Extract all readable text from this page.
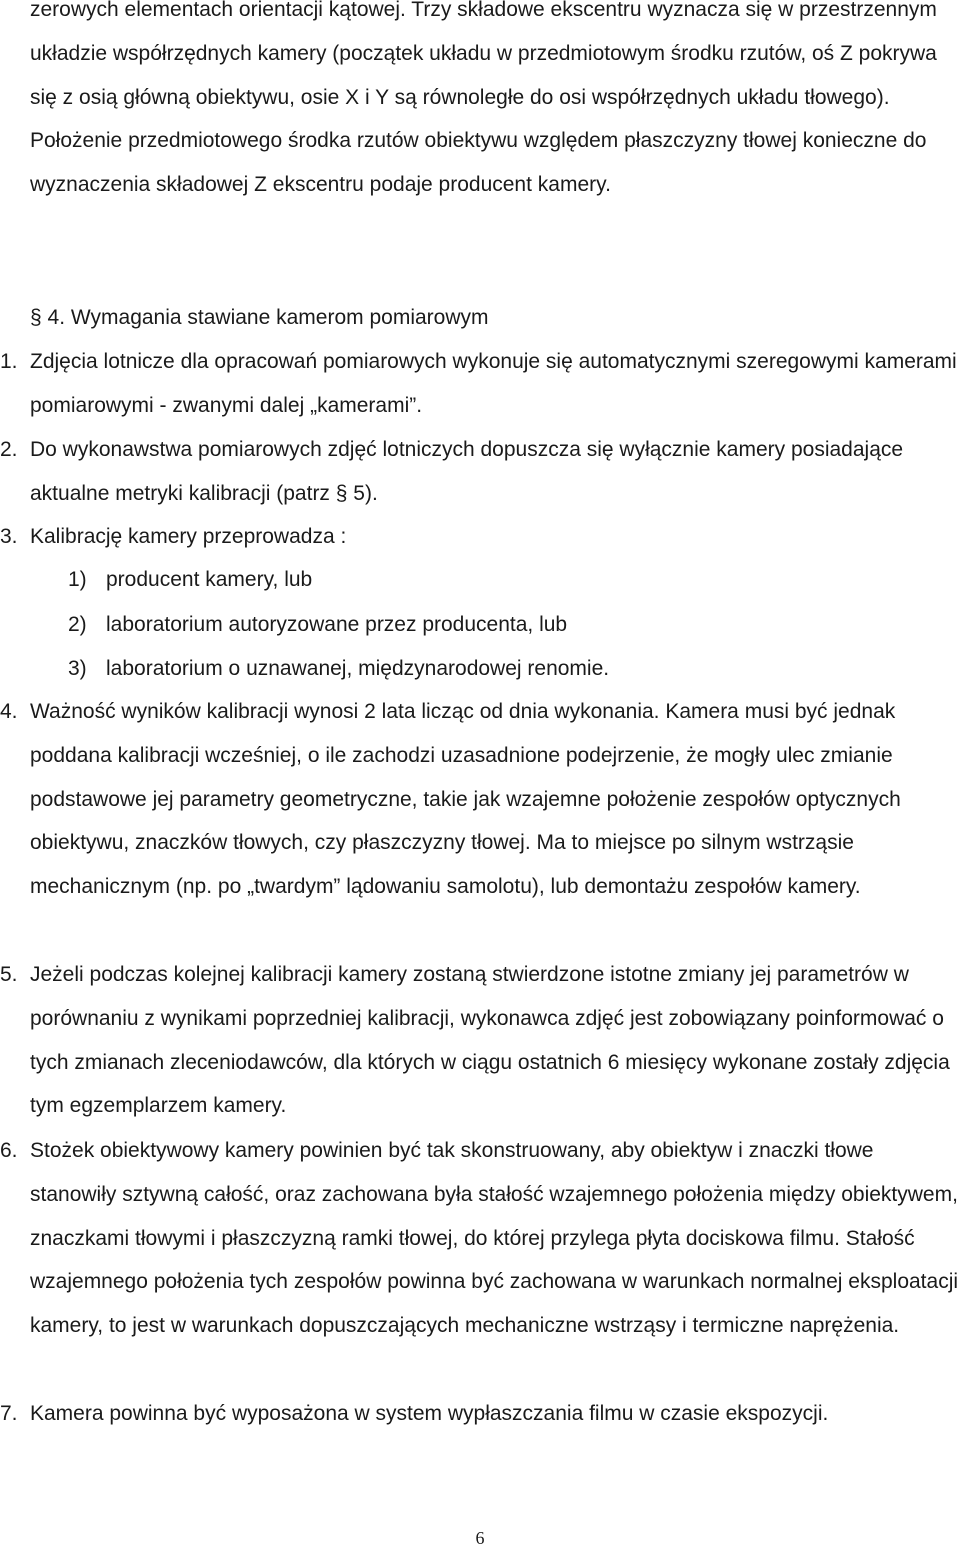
zerowych elementach orientacji kątowej. Trzy składowe ekscentru wyznacza się w przestrzennym układzie współrzędnych kamery (początek układu w przedmiotowym środku rzutów, oś Z pokrywa się z osią główną obiektywu, osie X i Y są równoległe do osi współrzędnych układu tłowego). Położenie przedmiotowego środka rzutów obiektywu względem płaszczyzny tłowej konieczne do wyznaczenia składowej Z ekscentru podaje producent kamery.

§ 4. Wymagania stawiane kamerom pomiarowym
1. Zdjęcia lotnicze dla opracowań pomiarowych wykonuje się automatycznymi szeregowymi kamerami pomiarowymi - zwanymi dalej „kamerami”.
2. Do wykonawstwa pomiarowych zdjęć lotniczych dopuszcza się wyłącznie kamery posiadające aktualne metryki kalibracji (patrz § 5).
3. Kalibrację kamery przeprowadza :
1) producent kamery, lub
2) laboratorium autoryzowane przez producenta, lub
3) laboratorium o uznawanej, międzynarodowej renomie.
4. Ważność wyników kalibracji wynosi 2 lata licząc od dnia wykonania. Kamera musi być jednak poddana kalibracji wcześniej, o ile zachodzi uzasadnione podejrzenie, że mogły ulec zmianie podstawowe jej parametry geometryczne, takie jak wzajemne położenie zespołów optycznych obiektywu, znaczków tłowych, czy płaszczyzny tłowej. Ma to miejsce po silnym wstrząsie mechanicznym (np. po „twardym” lądowaniu samolotu), lub demontażu zespołów kamery.
5. Jeżeli podczas kolejnej kalibracji kamery zostaną stwierdzone istotne zmiany jej parametrów w porównaniu z wynikami poprzedniej kalibracji, wykonawca zdjęć jest zobowiązany poinformować o tych zmianach zleceniodawców, dla których w ciągu ostatnich 6 miesięcy wykonane zostały zdjęcia tym egzemplarzem kamery.
6. Stożek obiektywowy kamery powinien być tak skonstruowany, aby obiektyw i znaczki tłowe stanowiły sztywną całość, oraz zachowana była stałość wzajemnego położenia między obiektywem, znaczkami tłowymi i płaszczyzną ramki tłowej, do której przylega płyta dociskowa filmu. Stałość wzajemnego położenia tych zespołów powinna być zachowana w warunkach normalnej eksploatacji kamery, to jest w warunkach dopuszczających mechaniczne wstrząsy i termiczne naprężenia.
7. Kamera powinna być wyposażona w system wypłaszczania filmu w czasie ekspozycji.
6
